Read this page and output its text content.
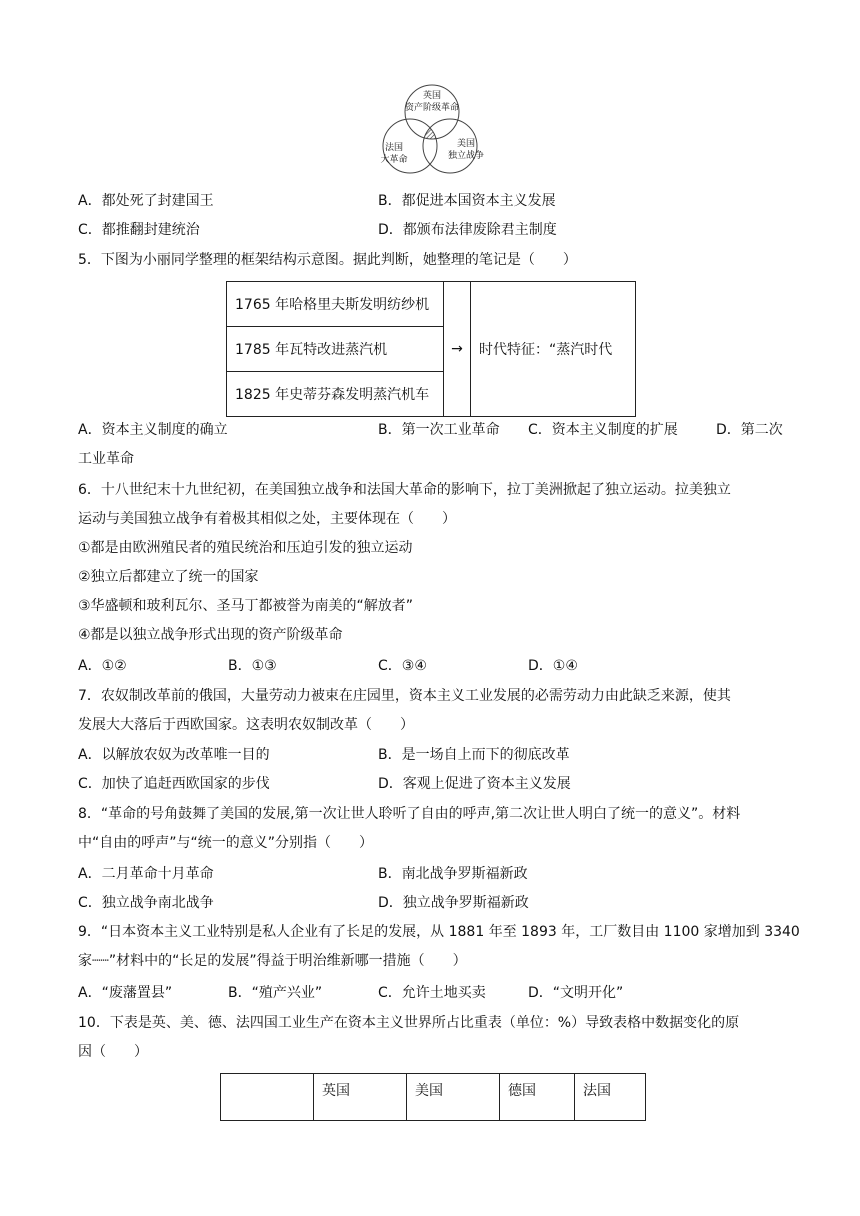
英国
资产阶级革命
法国
大革命
美国
独立战争
A．都处死了封建国王	B．都促进本国资本主义发展
C．都推翻封建统治	D．都颁布法律废除君主制度
5．下图为小丽同学整理的框架结构示意图。据此判断，她整理的笔记是（　　）
1765 年哈格里夫斯发明纺纱机	→	时代特征：“蒸汽时代
1785 年瓦特改进蒸汽机
1825 年史蒂芬森发明蒸汽机车
A．资本主义制度的确立	B．第一次工业革命 C．资本主义制度的扩展	D．第二次
工业革命
6．十八世纪末十九世纪初，在美国独立战争和法国大革命的影响下，拉丁美洲掀起了独立运动。拉美独立
运动与美国独立战争有着极其相似之处，主要体现在（　　）
①都是由欧洲殖民者的殖民统治和压迫引发的独立运动
②独立后都建立了统一的国家
③华盛顿和玻利瓦尔、圣马丁都被誉为南美的“解放者”
④都是以独立战争形式出现的资产阶级革命
A．①②	B．①③	C．③④	D．①④
7．农奴制改革前的俄国，大量劳动力被束在庄园里，资本主义工业发展的必需劳动力由此缺乏来源，使其
发展大大落后于西欧国家。这表明农奴制改革（　　）
A．以解放农奴为改革唯一目的	B．是一场自上而下的彻底改革
C．加快了追赶西欧国家的步伐	D．客观上促进了资本主义发展
8．“革命的号角鼓舞了美国的发展,第一次让世人聆听了自由的呼声,第二次让世人明白了统一的意义”。材料
中“自由的呼声”与“统一的意义”分别指（　　）
A．二月革命十月革命	B．南北战争罗斯福新政
C．独立战争南北战争	D．独立战争罗斯福新政
9．“日本资本主义工业特别是私人企业有了长足的发展，从 1881 年至 1893 年，工厂数目由 1100 家增加到 3340
家┈┈”材料中的“长足的发展”得益于明治维新哪一措施（　　）
A．“废藩置县”	B．“殖产兴业”	C．允许土地买卖	D．“文明开化”
10．下表是英、美、德、法四国工业生产在资本主义世界所占比重表（单位：%）导致表格中数据变化的原
因（　　）
	英国	美国	德国	法国
